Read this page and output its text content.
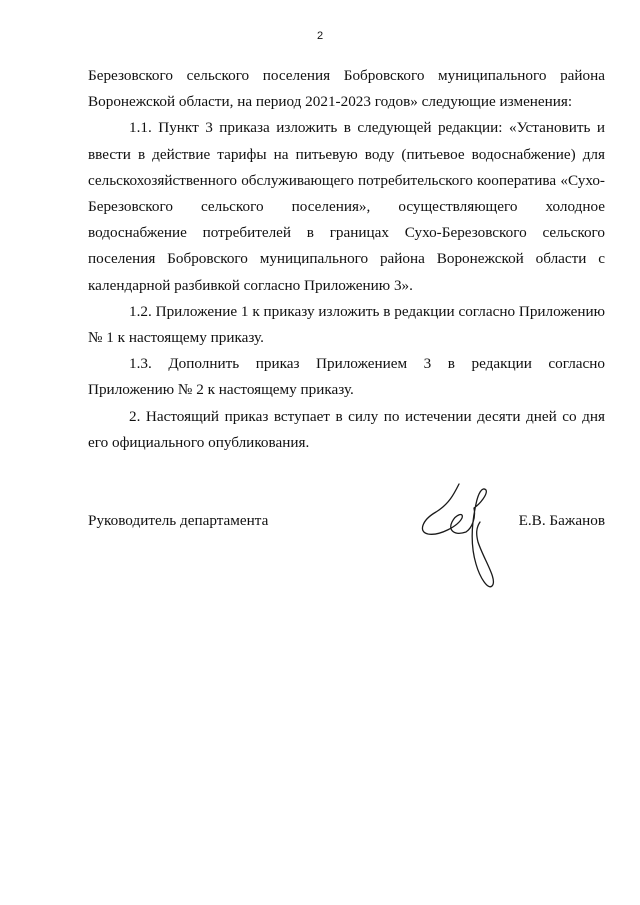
2

Березовского сельского поселения Бобровского муниципального района Воронежской области, на период 2021-2023 годов» следующие изменения:

1.1. Пункт 3 приказа изложить в следующей редакции: «Установить и ввести в действие тарифы на питьевую воду (питьевое водоснабжение) для сельскохозяйственного обслуживающего потребительского кооператива «Сухо-Березовского сельского поселения», осуществляющего холодное водоснабжение потребителей в границах Сухо-Березовского сельского поселения Бобровского муниципального района Воронежской области с календарной разбивкой согласно Приложению 3».

1.2. Приложение 1 к приказу изложить в редакции согласно Приложению № 1 к настоящему приказу.

1.3. Дополнить приказ Приложением 3 в редакции согласно Приложению № 2 к настоящему приказу.

2. Настоящий приказ вступает в силу по истечении десяти дней со дня его официального опубликования.

Руководитель департамента	Е.В. Бажанов
